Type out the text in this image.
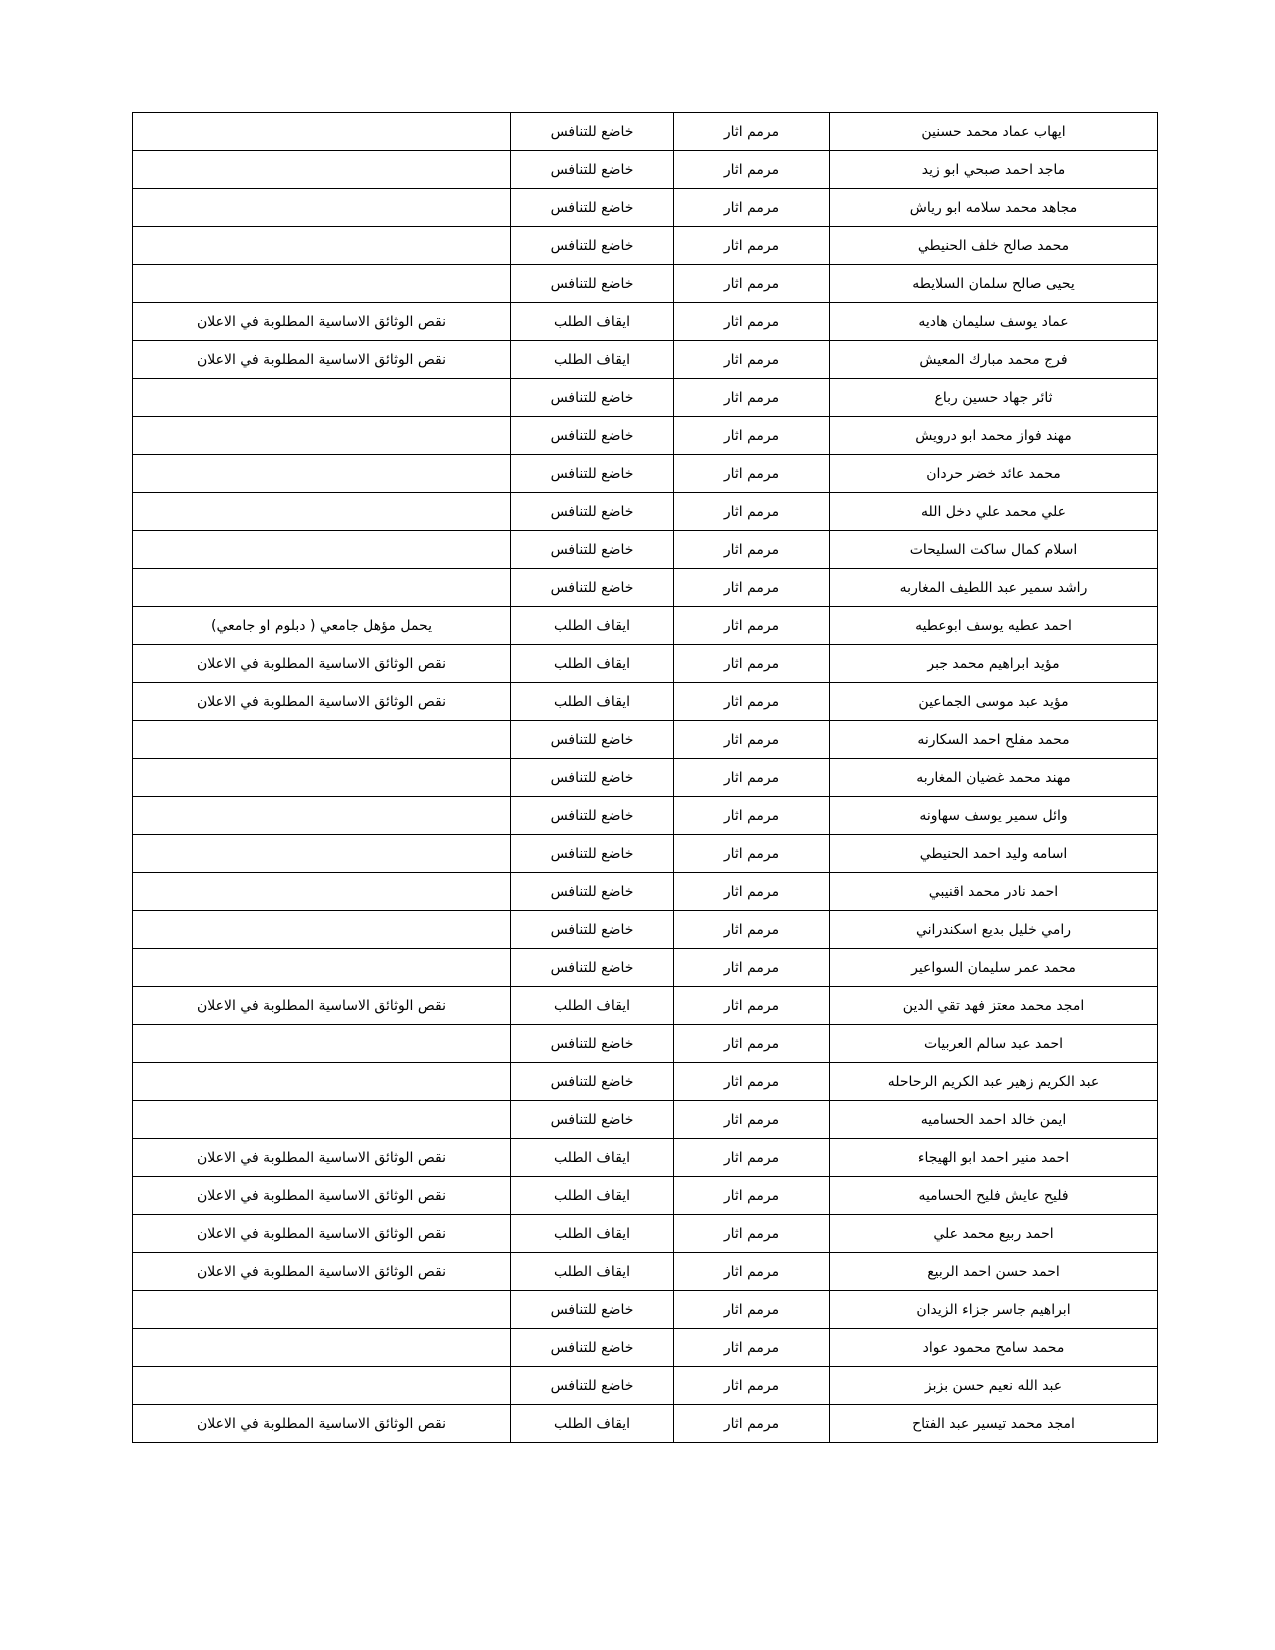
ايهاب عماد محمد حسنين	مرمم اثار	خاضع للتنافس	
ماجد احمد صبحي ابو زيد	مرمم اثار	خاضع للتنافس	
مجاهد محمد سلامه ابو رياش	مرمم اثار	خاضع للتنافس	
محمد صالح خلف الحنيطي	مرمم اثار	خاضع للتنافس	
يحيى صالح سلمان السلايطه	مرمم اثار	خاضع للتنافس	
عماد يوسف سليمان هاديه	مرمم اثار	ايقاف الطلب	نقص الوثائق الاساسية المطلوبة في الاعلان
فرج محمد مبارك المعيش	مرمم اثار	ايقاف الطلب	نقص الوثائق الاساسية المطلوبة في الاعلان
ثائر جهاد حسين رباع	مرمم اثار	خاضع للتنافس	
مهند فواز محمد ابو درويش	مرمم اثار	خاضع للتنافس	
محمد عائد خضر حردان	مرمم اثار	خاضع للتنافس	
علي محمد علي دخل الله	مرمم اثار	خاضع للتنافس	
اسلام كمال ساكت السليحات	مرمم اثار	خاضع للتنافس	
راشد سمير عبد اللطيف المغاربه	مرمم اثار	خاضع للتنافس	
احمد عطيه يوسف ابوعطيه	مرمم اثار	ايقاف الطلب	يحمل مؤهل جامعي ( دبلوم او جامعي)
مؤيد ابراهيم محمد جبر	مرمم اثار	ايقاف الطلب	نقص الوثائق الاساسية المطلوبة في الاعلان
مؤيد عبد موسى الجماعين	مرمم اثار	ايقاف الطلب	نقص الوثائق الاساسية المطلوبة في الاعلان
محمد مفلح احمد السكارنه	مرمم اثار	خاضع للتنافس	
مهند محمد غضيان المغاربه	مرمم اثار	خاضع للتنافس	
وائل سمير يوسف سهاونه	مرمم اثار	خاضع للتنافس	
اسامه وليد احمد الحنيطي	مرمم اثار	خاضع للتنافس	
احمد نادر محمد اقنيبي	مرمم اثار	خاضع للتنافس	
رامي خليل بديع اسكندراني	مرمم اثار	خاضع للتنافس	
محمد عمر سليمان السواعير	مرمم اثار	خاضع للتنافس	
امجد محمد معتز فهد تقي الدين	مرمم اثار	ايقاف الطلب	نقص الوثائق الاساسية المطلوبة في الاعلان
احمد عبد سالم العربيات	مرمم اثار	خاضع للتنافس	
عبد الكريم زهير عبد الكريم الرحاحله	مرمم اثار	خاضع للتنافس	
ايمن خالد احمد الحساميه	مرمم اثار	خاضع للتنافس	
احمد منير احمد ابو الهيجاء	مرمم اثار	ايقاف الطلب	نقص الوثائق الاساسية المطلوبة في الاعلان
فليح عايش فليح الحساميه	مرمم اثار	ايقاف الطلب	نقص الوثائق الاساسية المطلوبة في الاعلان
احمد ربيع محمد علي	مرمم اثار	ايقاف الطلب	نقص الوثائق الاساسية المطلوبة في الاعلان
احمد حسن احمد الربيع	مرمم اثار	ايقاف الطلب	نقص الوثائق الاساسية المطلوبة في الاعلان
ابراهيم جاسر جزاء الزيدان	مرمم اثار	خاضع للتنافس	
محمد سامح محمود عواد	مرمم اثار	خاضع للتنافس	
عبد الله نعيم حسن بزبز	مرمم اثار	خاضع للتنافس	
امجد محمد تيسير عبد الفتاح	مرمم اثار	ايقاف الطلب	نقص الوثائق الاساسية المطلوبة في الاعلان
